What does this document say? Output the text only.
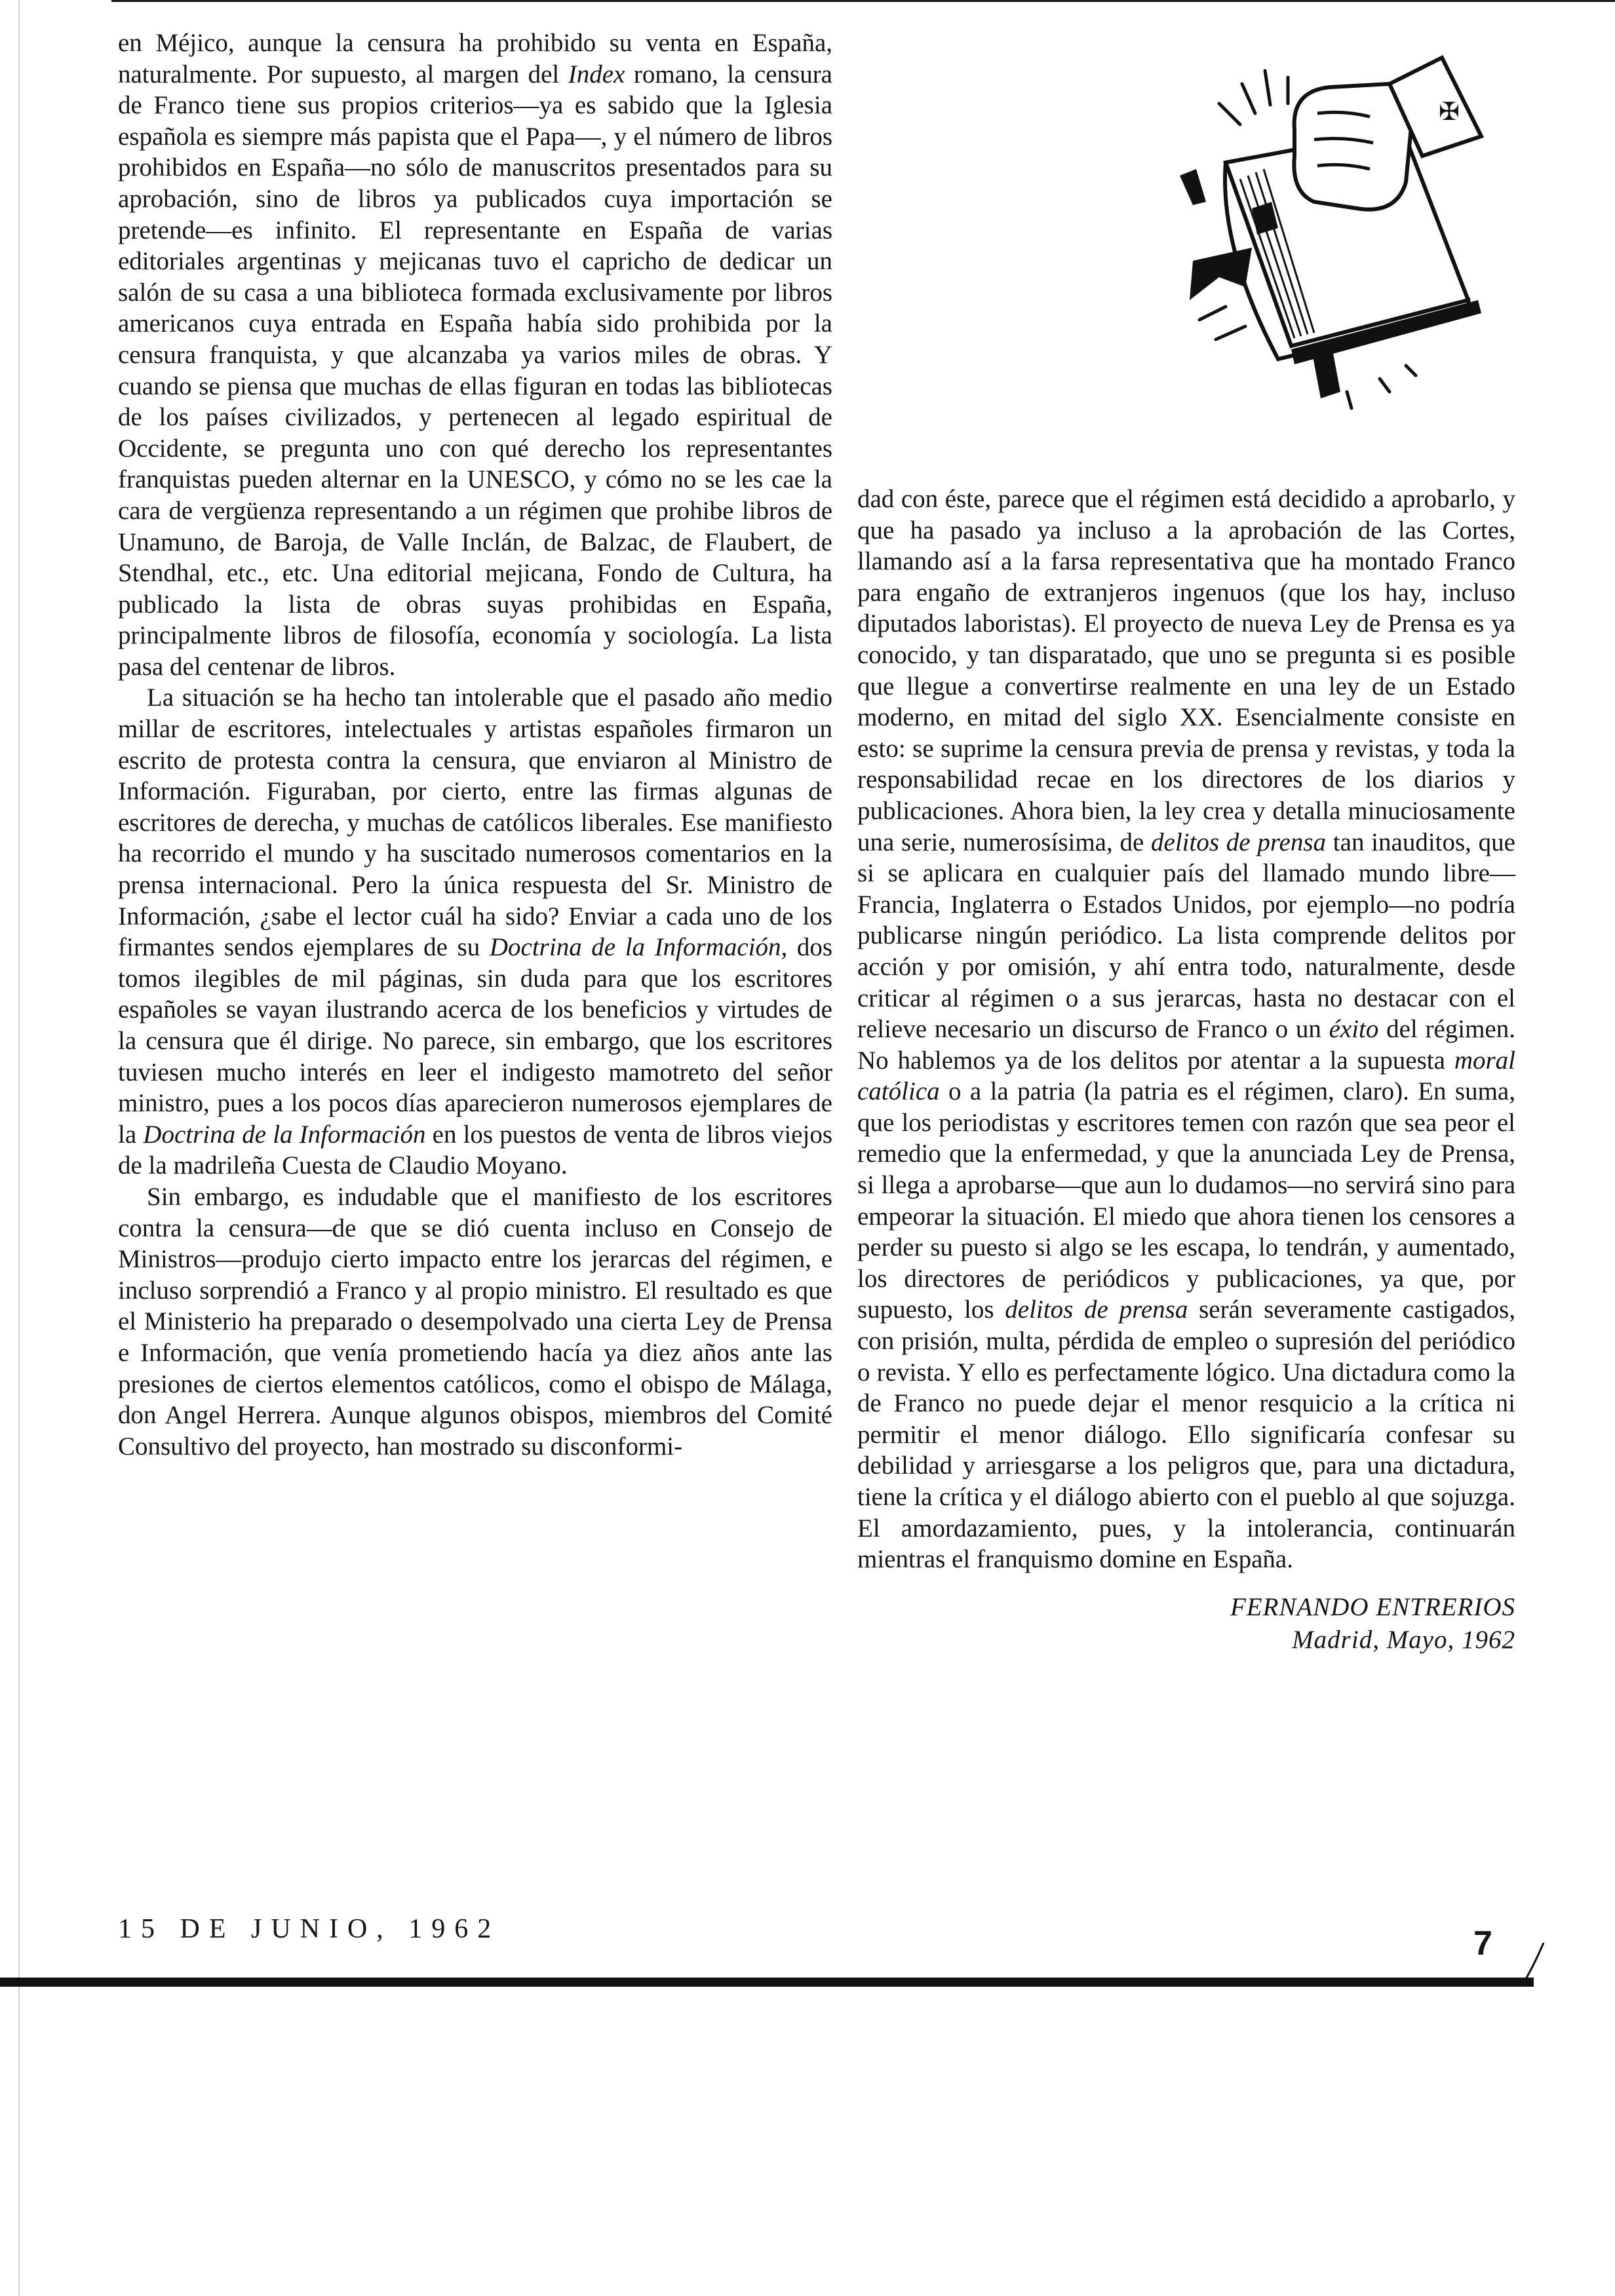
en Méjico, aunque la censura ha prohibido su venta en España, naturalmente. Por supuesto, al margen del Index romano, la censura de Franco tiene sus propios criterios—ya es sabido que la Iglesia española es siempre más papista que el Papa—, y el número de libros prohibidos en España—no sólo de manuscritos presentados para su aprobación, sino de libros ya publicados cuya importación se pretende—es infinito. El representante en España de varias editoriales argentinas y mejicanas tuvo el capricho de dedicar un salón de su casa a una biblioteca formada exclusivamente por libros americanos cuya entrada en España había sido prohibida por la censura franquista, y que alcanzaba ya varios miles de obras. Y cuando se piensa que muchas de ellas figuran en todas las bibliotecas de los países civilizados, y pertenecen al legado espiritual de Occidente, se pregunta uno con qué derecho los representantes franquistas pueden alternar en la UNESCO, y cómo no se les cae la cara de vergüenza representando a un régimen que prohibe libros de Unamuno, de Baroja, de Valle Inclán, de Balzac, de Flaubert, de Stendhal, etc., etc. Una editorial mejicana, Fondo de Cultura, ha publicado la lista de obras suyas prohibidas en España, principalmente libros de filosofía, economía y sociología. La lista pasa del centenar de libros.

La situación se ha hecho tan intolerable que el pasado año medio millar de escritores, intelectuales y artistas españoles firmaron un escrito de protesta contra la censura, que enviaron al Ministro de Información. Figuraban, por cierto, entre las firmas algunas de escritores de derecha, y muchas de católicos liberales. Ese manifiesto ha recorrido el mundo y ha suscitado numerosos comentarios en la prensa internacional. Pero la única respuesta del Sr. Ministro de Información, ¿sabe el lector cuál ha sido? Enviar a cada uno de los firmantes sendos ejemplares de su Doctrina de la Información, dos tomos ilegibles de mil páginas, sin duda para que los escritores españoles se vayan ilustrando acerca de los beneficios y virtudes de la censura que él dirige. No parece, sin embargo, que los escritores tuviesen mucho interés en leer el indigesto mamotreto del señor ministro, pues a los pocos días aparecieron numerosos ejemplares de la Doctrina de la Información en los puestos de venta de libros viejos de la madrileña Cuesta de Claudio Moyano.

Sin embargo, es indudable que el manifiesto de los escritores contra la censura—de que se dió cuenta incluso en Consejo de Ministros—produjo cierto impacto entre los jerarcas del régimen, e incluso sorprendió a Franco y al propio ministro. El resultado es que el Ministerio ha preparado o desempolvado una cierta Ley de Prensa e Información, que venía prometiendo hacía ya diez años ante las presiones de ciertos elementos católicos, como el obispo de Málaga, don Angel Herrera. Aunque algunos obispos, miembros del Comité Consultivo del proyecto, han mostrado su disconformi-

✠

dad con éste, parece que el régimen está decidido a aprobarlo, y que ha pasado ya incluso a la aprobación de las Cortes, llamando así a la farsa representativa que ha montado Franco para engaño de extranjeros ingenuos (que los hay, incluso diputados laboristas). El proyecto de nueva Ley de Prensa es ya conocido, y tan disparatado, que uno se pregunta si es posible que llegue a convertirse realmente en una ley de un Estado moderno, en mitad del siglo XX. Esencialmente consiste en esto: se suprime la censura previa de prensa y revistas, y toda la responsabilidad recae en los directores de los diarios y publicaciones. Ahora bien, la ley crea y detalla minuciosamente una serie, numerosísima, de delitos de prensa tan inauditos, que si se aplicara en cualquier país del llamado mundo libre—Francia, Inglaterra o Estados Unidos, por ejemplo—no podría publicarse ningún periódico. La lista comprende delitos por acción y por omisión, y ahí entra todo, naturalmente, desde criticar al régimen o a sus jerarcas, hasta no destacar con el relieve necesario un discurso de Franco o un éxito del régimen. No hablemos ya de los delitos por atentar a la supuesta moral católica o a la patria (la patria es el régimen, claro). En suma, que los periodistas y escritores temen con razón que sea peor el remedio que la enfermedad, y que la anunciada Ley de Prensa, si llega a aprobarse—que aun lo dudamos—no servirá sino para empeorar la situación. El miedo que ahora tienen los censores a perder su puesto si algo se les escapa, lo tendrán, y aumentado, los directores de periódicos y publicaciones, ya que, por supuesto, los delitos de prensa serán severamente castigados, con prisión, multa, pérdida de empleo o supresión del periódico o revista. Y ello es perfectamente lógico. Una dictadura como la de Franco no puede dejar el menor resquicio a la crítica ni permitir el menor diálogo. Ello significaría confesar su debilidad y arriesgarse a los peligros que, para una dictadura, tiene la crítica y el diálogo abierto con el pueblo al que sojuzga. El amordazamiento, pues, y la intolerancia, continuarán mientras el franquismo domine en España.

FERNANDO ENTRERIOS
Madrid, Mayo, 1962
15 DE JUNIO, 1962	7
